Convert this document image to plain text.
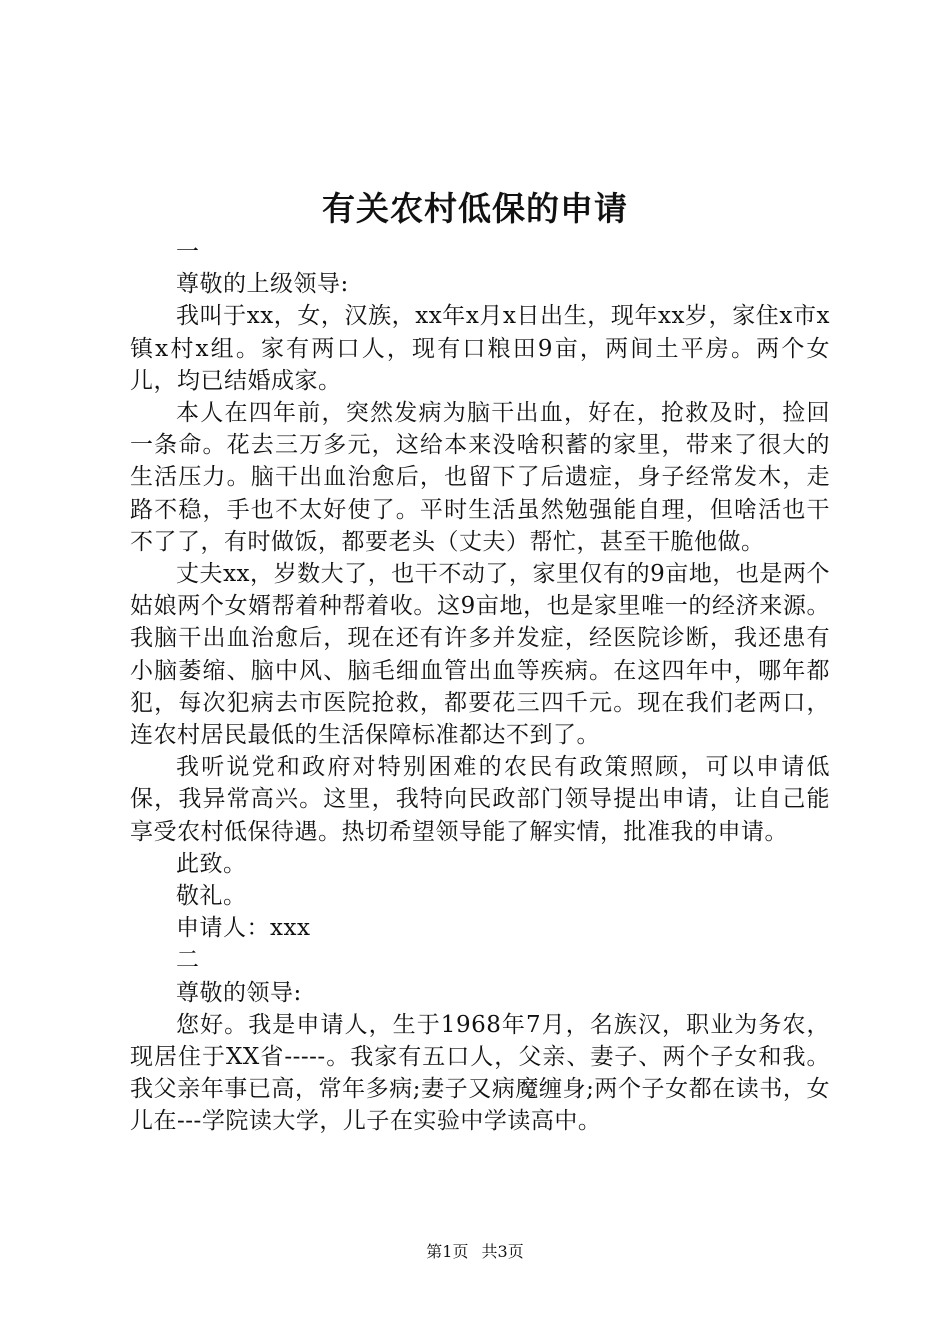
有关农村低保的申请

一

尊敬的上级领导:

我叫于xx，女，汉族，xx年x月x日出生，现年xx岁，家住x市x镇x村x组。家有两口人，现有口粮田9亩，两间土平房。两个女儿，均已结婚成家。

本人在四年前，突然发病为脑干出血，好在，抢救及时，捡回一条命。花去三万多元，这给本来没啥积蓄的家里，带来了很大的生活压力。脑干出血治愈后，也留下了后遗症，身子经常发木，走路不稳，手也不太好使了。平时生活虽然勉强能自理，但啥活也干不了了，有时做饭，都要老头（丈夫）帮忙，甚至干脆他做。

丈夫xx，岁数大了，也干不动了，家里仅有的9亩地，也是两个姑娘两个女婿帮着种帮着收。这9亩地，也是家里唯一的经济来源。我脑干出血治愈后，现在还有许多并发症，经医院诊断，我还患有小脑萎缩、脑中风、脑毛细血管出血等疾病。在这四年中，哪年都犯，每次犯病去市医院抢救，都要花三四千元。现在我们老两口，连农村居民最低的生活保障标准都达不到了。

我听说党和政府对特别困难的农民有政策照顾，可以申请低保，我异常高兴。这里，我特向民政部门领导提出申请，让自己能享受农村低保待遇。热切希望领导能了解实情，批准我的申请。

此致。

敬礼。

申请人：xxx

二

尊敬的领导:

您好。我是申请人，生于1968年7月，名族汉，职业为务农，现居住于XX省-----。我家有五口人，父亲、妻子、两个子女和我。我父亲年事已高，常年多病;妻子又病魔缠身;两个子女都在读书，女儿在---学院读大学，儿子在实验中学读高中。

第1页 共3页
